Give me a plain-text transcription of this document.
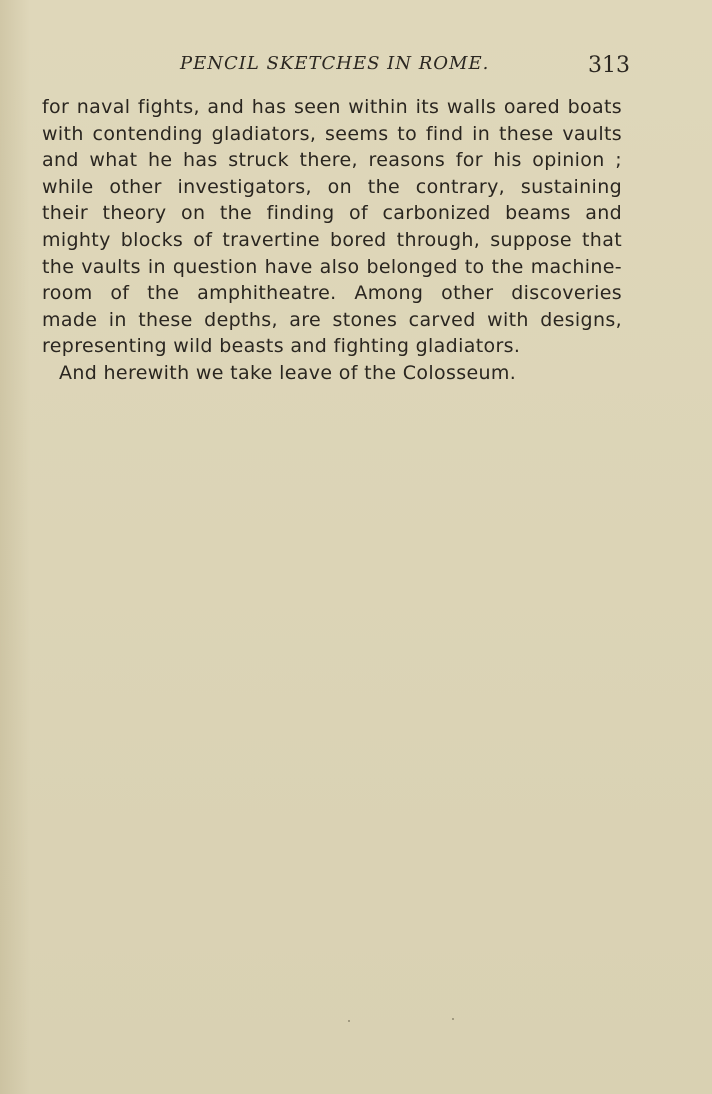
PENCIL SKETCHES IN ROME.	313
for naval fights, and has seen within its walls oared boats
with contending gladiators, seems to find in these vaults
and what he has struck there, reasons for his opinion ;
while other investigators, on the contrary, sustaining
their theory on the finding of carbonized beams and
mighty blocks of travertine bored through, suppose that
the vaults in question have also belonged to the machine-
room of the amphitheatre. Among other discoveries
made in these depths, are stones carved with designs,
representing wild beasts and fighting gladiators.
And herewith we take leave of the Colosseum.
